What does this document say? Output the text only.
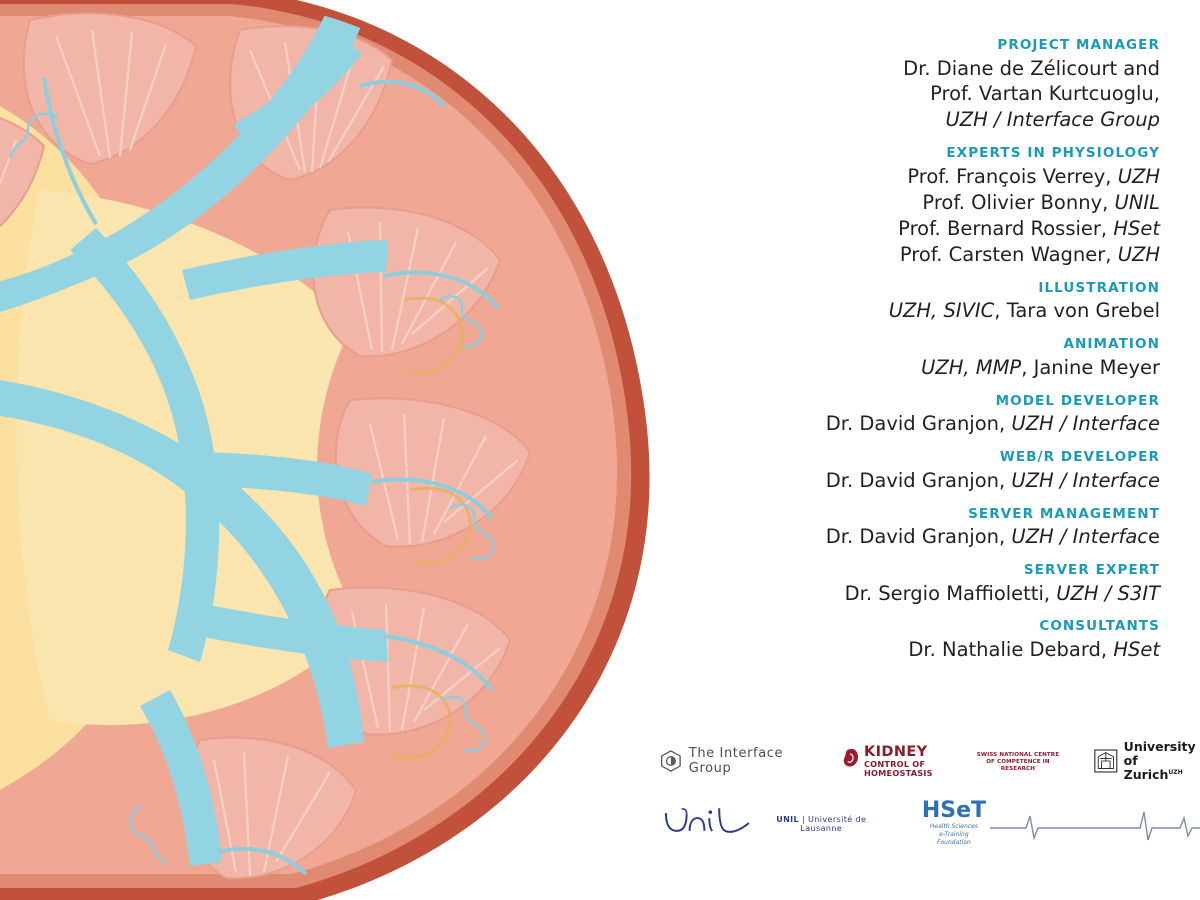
PROJECT MANAGER
Dr. Diane de Zélicourt and
Prof. Vartan Kurtcuoglu,
UZH / Interface Group
EXPERTS IN PHYSIOLOGY
Prof. François Verrey, UZH
Prof. Olivier Bonny, UNIL
Prof. Bernard Rossier, HSet
Prof. Carsten Wagner, UZH
ILLUSTRATION
UZH, SIVIC, Tara von Grebel
ANIMATION
UZH, MMP, Janine Meyer
MODEL DEVELOPER
Dr. David Granjon, UZH / Interface
WEB/R DEVELOPER
Dr. David Granjon, UZH / Interface
SERVER MANAGEMENT
Dr. David Granjon, UZH / Interface
SERVER EXPERT
Dr. Sergio Maffioletti, UZH / S3IT
CONSULTANTS
Dr. Nathalie Debard, HSet
The Interface Group
KIDNEY
CONTROL OF HOMEOSTASIS
SWISS NATIONAL CENTRE
OF COMPETENCE IN RESEARCH
University of
Zurich$^{UZH}$
UNIL | Université de Lausanne
HSeT
Health Sciences
e-Training
Foundation
